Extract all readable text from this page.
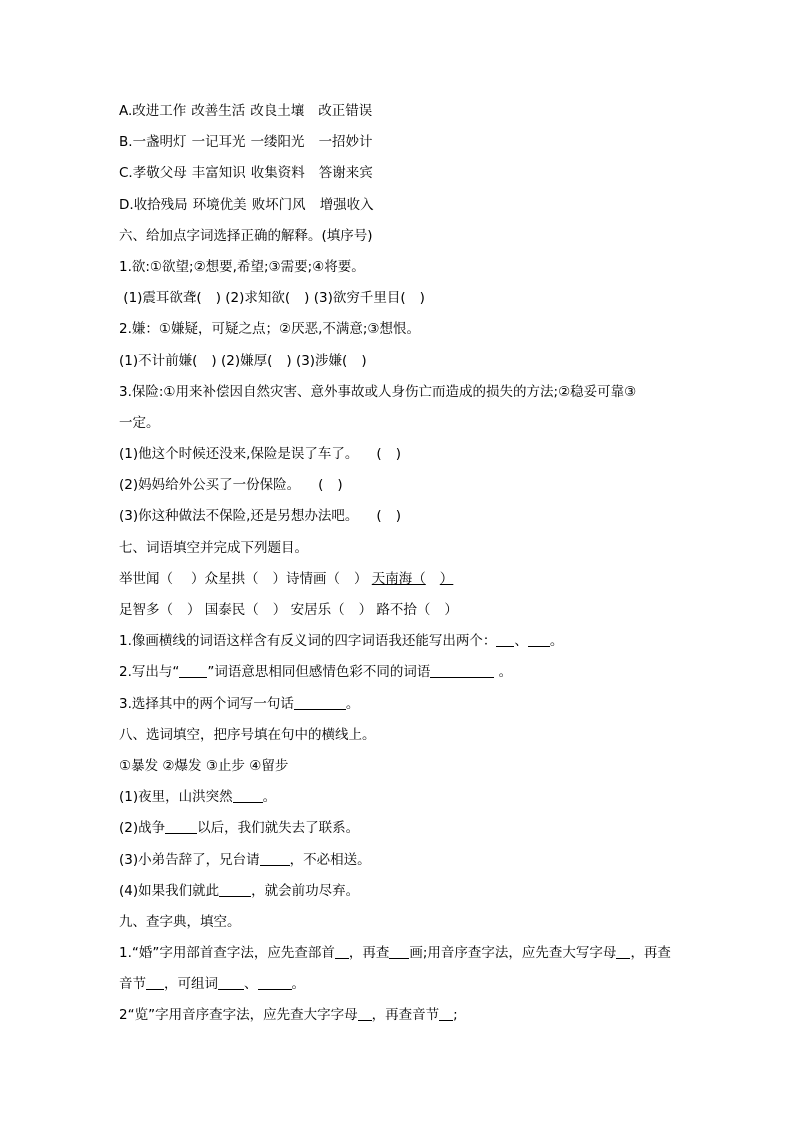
A.改进工作 改善生活 改良土壤 改正错误
B.一盏明灯 一记耳光 一缕阳光 一招妙计
C.孝敬父母 丰富知识 收集资料 答谢来宾
D.收拾残局 环境优美 败坏门风 增强收入
六、给加点字词选择正确的解释。(填序号)
1.欲:①欲望;②想要,希望;③需要;④将要。
(1)震耳欲聋( ) (2)求知欲( ) (3)欲穷千里目( )
2.嫌：①嫌疑，可疑之点；②厌恶,不满意;③想恨。
(1)不计前嫌( ) (2)嫌厚( ) (3)涉嫌( )
3.保险:①用来补偿因自然灾害、意外事故或人身伤亡而造成的损失的方法;②稳妥可靠③
一定。
(1)他这个时候还没来,保险是误了车了。 ( )
(2)妈妈给外公买了一份保险。 ( )
(3)你这种做法不保险,还是另想办法吧。 ( )
七、词语填空并完成下列题目。
举世闻（ ）众星拱（ ）诗情画（ ） 天南海（ ）
足智多（ ） 国泰民（ ） 安居乐（ ） 路不拾（ ）
1.像画横线的词语这样含有反义词的四字词语我还能写出两个： 、 。
2.写出与“ ”词语意思相同但感情色彩不同的词语	。
3.选择其中的两个词写一句话	。
八、选词填空，把序号填在句中的横线上。
①暴发 ②爆发 ③止步 ④留步
(1)夜里，山洪突然 。
(2)战争 以后，我们就失去了联系。
(3)小弟告辞了，兄台请 ，不必相送。
(4)如果我们就此 ，就会前功尽弃。
九、查字典，填空。
1.“婚”字用部首查字法，应先查部首 ，再查 画;用音序查字法，应先查大写字母 ，再查
音节 ，可组词 、	。
2“览”字用音序查字法，应先查大字字母 ，再查音节 ;
